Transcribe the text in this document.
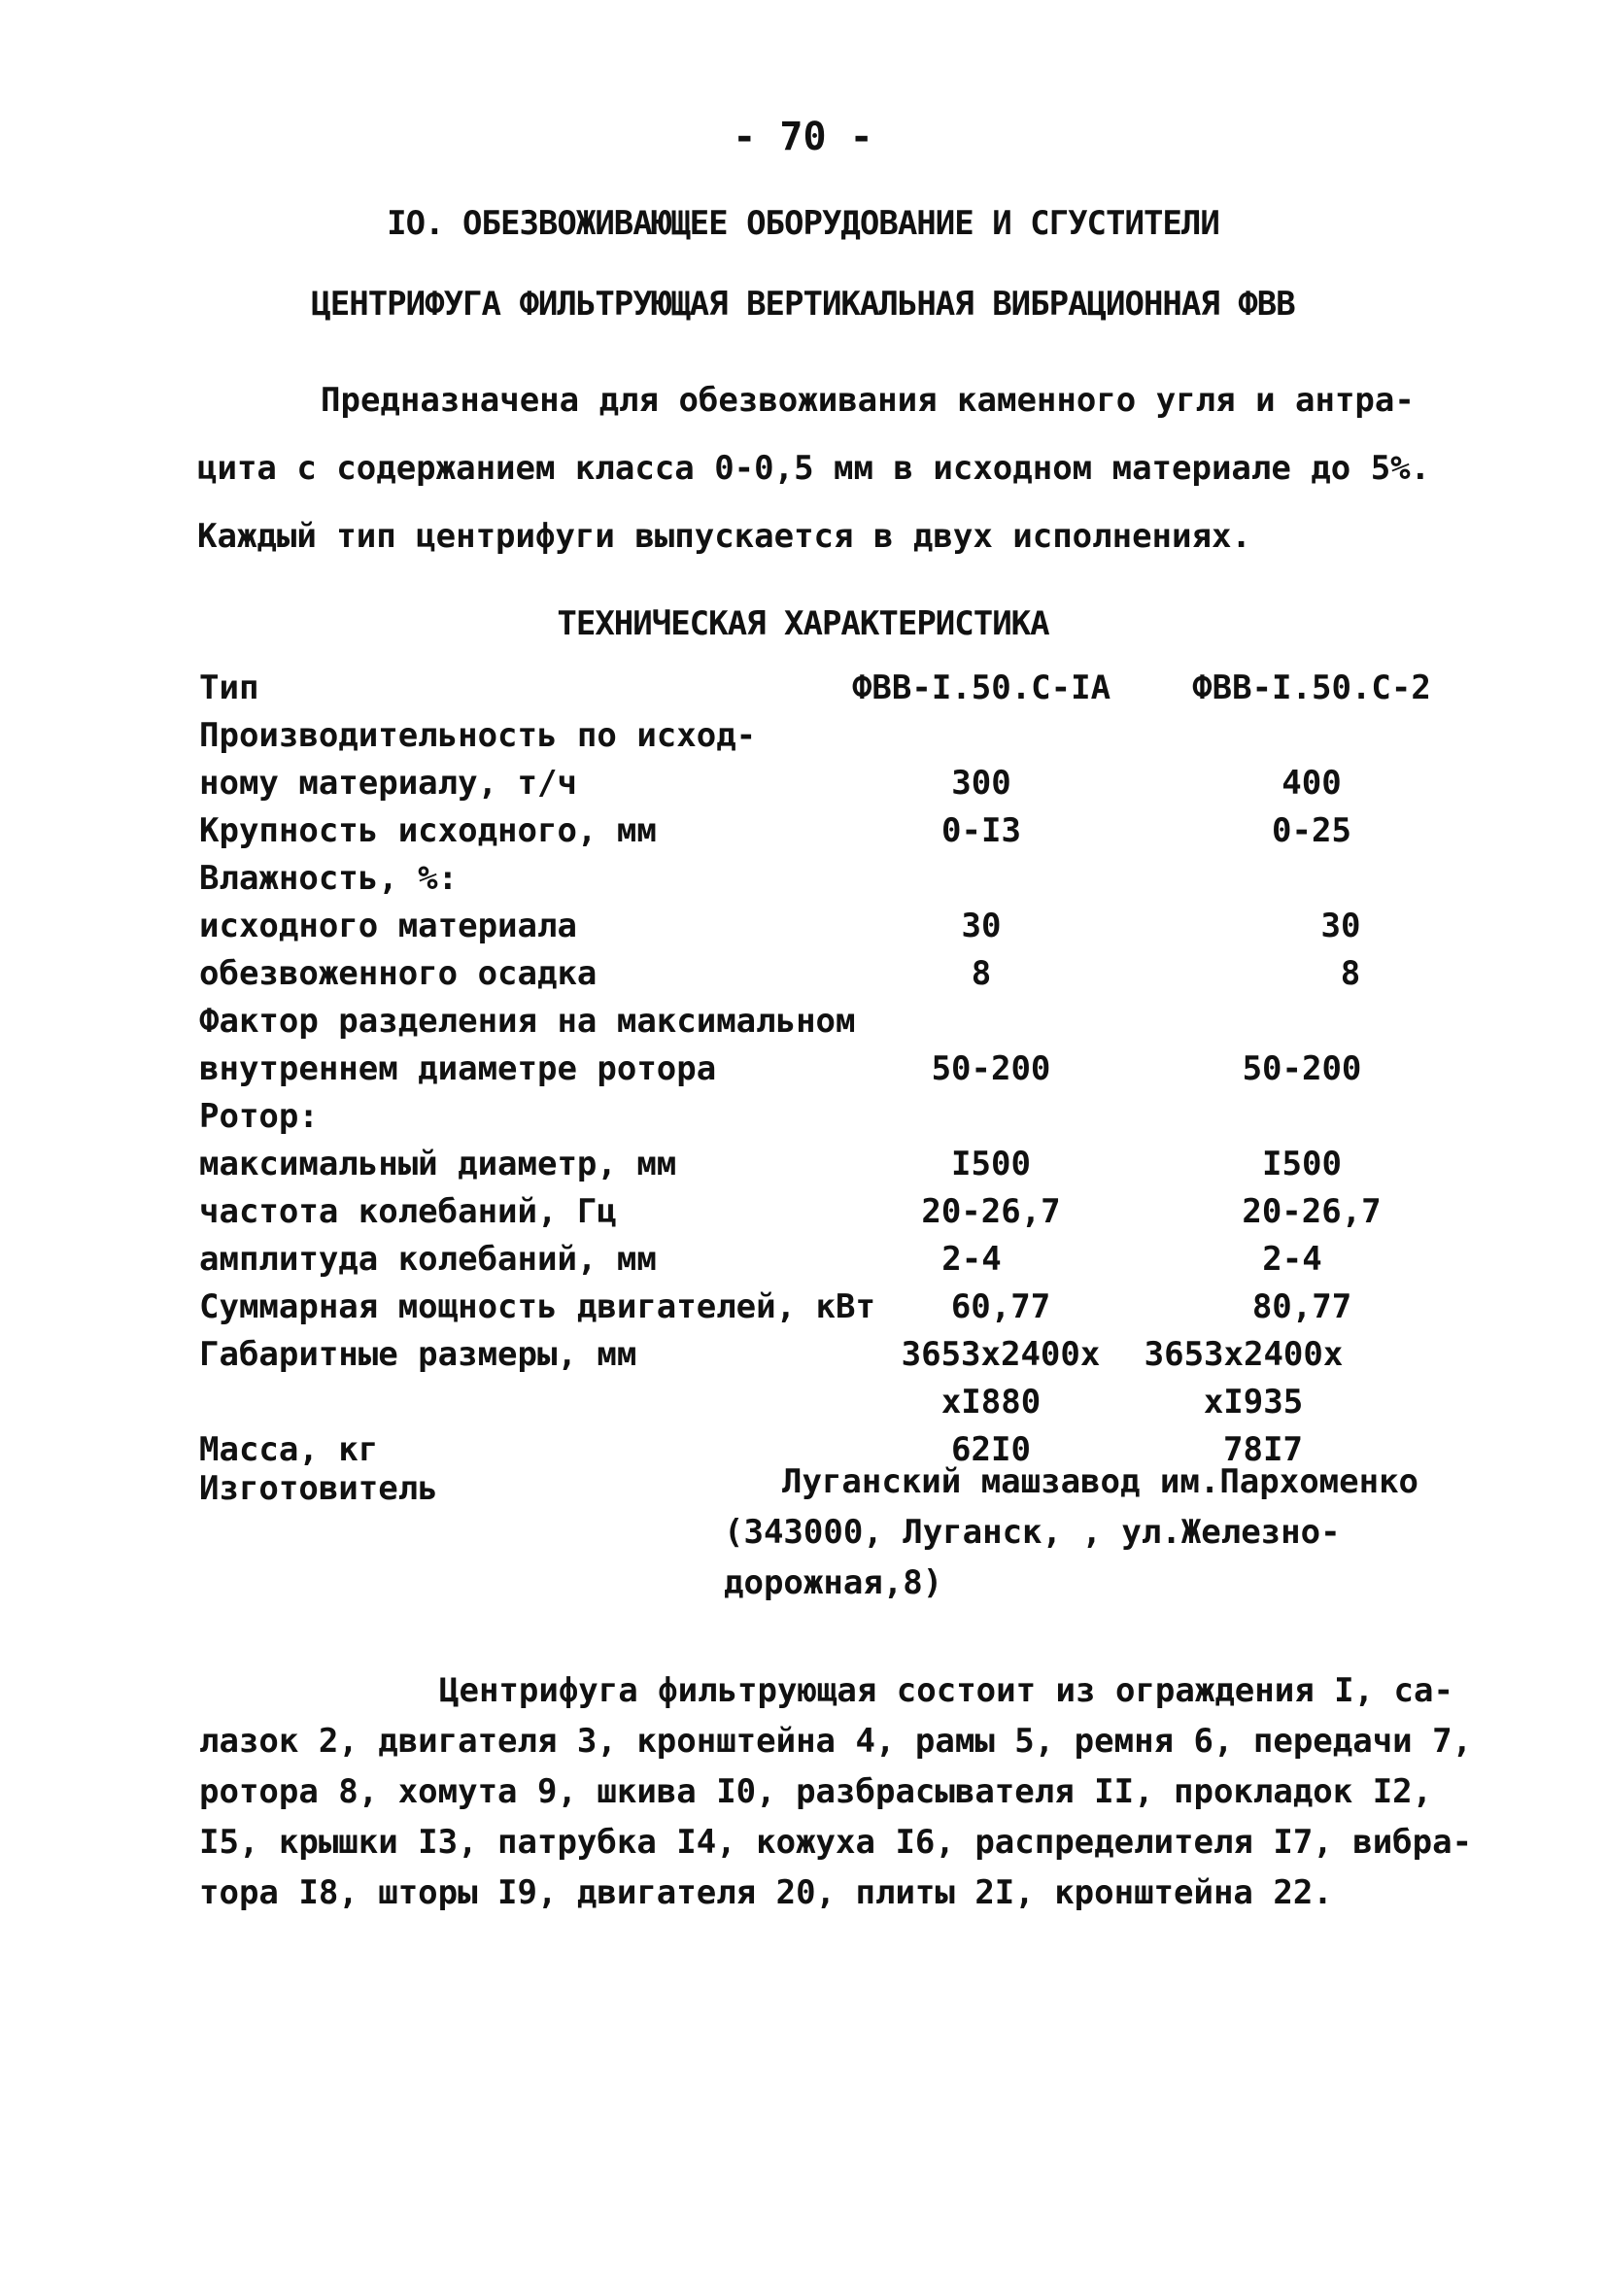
- 70 -
IO. ОБЕЗВОЖИВАЮЩЕЕ ОБОРУДОВАНИЕ И СГУСТИТЕЛИ
ЦЕНТРИФУГА ФИЛЬТРУЮЩАЯ ВЕРТИКАЛЬНАЯ ВИБРАЦИОННАЯ ФВВ
Предназначена для обезвоживания каменного угля и антра-
цита с содержанием класса 0-0,5 мм в исходном материале до 5%.
Каждый тип центрифуги выпускается в двух исполнениях.
ТЕХНИЧЕСКАЯ ХАРАКТЕРИСТИКА
Тип	ФВВ-I.50.С-IА	ФВВ-I.50.С-2
Производительность по исход-
ному материалу, т/ч	300	400
Крупность исходного, мм	0-I3	0-25
Влажность, %:
исходного материала	30	30
обезвоженного осадка	8	8
Фактор разделения на максимальном
внутреннем диаметре ротора	50-200	50-200
Ротор:
максимальный диаметр, мм	I500	I500
частота колебаний, Гц	20-26,7	20-26,7
амплитуда колебаний, мм	2-4	2-4
Суммарная мощность двигателей, кВт	60,77	80,77
Габаритные размеры, мм	3653x2400x	3653x2400x
xI880	xI935
Масса, кг	62I0	78I7
Изготовитель	Луганский машзавод им.Пархоменко
(343000, Луганск, , ул.Железно-
дорожная,8)
Центрифуга фильтрующая состоит из ограждения I, са-
лазок 2, двигателя 3, кронштейна 4, рамы 5, ремня 6, передачи 7,
ротора 8, хомута 9, шкива I0, разбрасывателя II, прокладок I2,
I5, крышки I3, патрубка I4, кожуха I6, распределителя I7, вибра-
тора I8, шторы I9, двигателя 20, плиты 2I, кронштейна 22.
